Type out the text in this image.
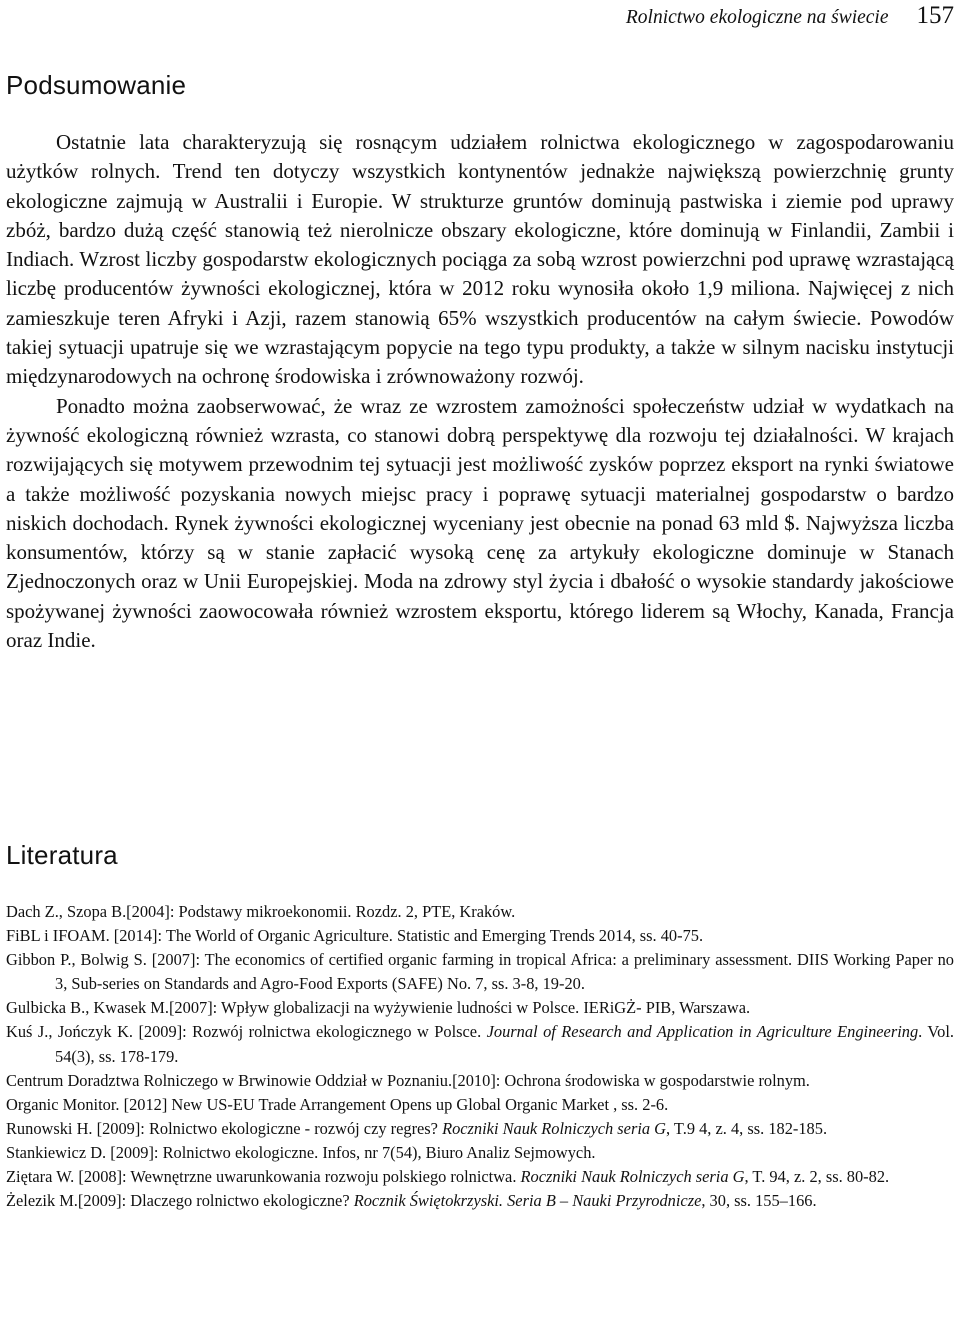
Rolnictwo ekologiczne na świecie 157
Podsumowanie

Ostatnie lata charakteryzują się rosnącym udziałem rolnictwa ekologicznego w zagospodarowaniu użytków rolnych. Trend ten dotyczy wszystkich kontynentów jednakże największą powierzchnię grunty ekologiczne zajmują w Australii i Europie. W strukturze gruntów dominują pastwiska i ziemie pod uprawy zbóż, bardzo dużą część stanowią też nierolnicze obszary ekologiczne, które dominują w Finlandii, Zambii i Indiach. Wzrost liczby gospodarstw ekologicznych pociąga za sobą wzrost powierzchni pod uprawę wzrastającą liczbę producentów żywności ekologicznej, która w 2012 roku wynosiła około 1,9 miliona. Najwięcej z nich zamieszkuje teren Afryki i Azji, razem stanowią 65% wszystkich producentów na całym świecie. Powodów takiej sytuacji upatruje się we wzrastającym popycie na tego typu produkty, a także w silnym nacisku instytucji międzynarodowych na ochronę środowiska i zrównoważony rozwój.

Ponadto można zaobserwować, że wraz ze wzrostem zamożności społeczeństw udział w wydatkach na żywność ekologiczną również wzrasta, co stanowi dobrą perspektywę dla rozwoju tej działalności. W krajach rozwijających się motywem przewodnim tej sytuacji jest możliwość zysków poprzez eksport na rynki światowe a także możliwość pozyskania nowych miejsc pracy i poprawę sytuacji materialnej gospodarstw o bardzo niskich dochodach. Rynek żywności ekologicznej wyceniany jest obecnie na ponad 63 mld $. Najwyższa liczba konsumentów, którzy są w stanie zapłacić wysoką cenę za artykuły ekologiczne dominuje w Stanach Zjednoczonych oraz w Unii Europejskiej. Moda na zdrowy styl życia i dbałość o wysokie standardy jakościowe spożywanej żywności zaowocowała również wzrostem eksportu, którego liderem są Włochy, Kanada, Francja oraz Indie.

Literatura
Dach Z., Szopa B.[2004]: Podstawy mikroekonomii. Rozdz. 2, PTE, Kraków.
FiBL i IFOAM. [2014]: The World of Organic Agriculture. Statistic and Emerging Trends 2014, ss. 40-75.
Gibbon P., Bolwig S. [2007]: The economics of certified organic farming in tropical Africa: a preliminary assessment. DIIS Working Paper no 3, Sub-series on Standards and Agro-Food Exports (SAFE) No. 7, ss. 3-8, 19-20.
Gulbicka B., Kwasek M.[2007]: Wpływ globalizacji na wyżywienie ludności w Polsce. IERiGŻ- PIB, Warszawa.
Kuś J., Jończyk K. [2009]: Rozwój rolnictwa ekologicznego w Polsce. Journal of Research and Application in Agriculture Engineering. Vol. 54(3), ss. 178-179.
Centrum Doradztwa Rolniczego w Brwinowie Oddział w Poznaniu.[2010]: Ochrona środowiska w gospodarstwie rolnym.
Organic Monitor. [2012] New US-EU Trade Arrangement Opens up Global Organic Market , ss. 2-6.
Runowski H. [2009]: Rolnictwo ekologiczne - rozwój czy regres? Roczniki Nauk Rolniczych seria G, T.9 4, z. 4, ss. 182-185.
Stankiewicz D. [2009]: Rolnictwo ekologiczne. Infos, nr 7(54), Biuro Analiz Sejmowych.
Ziętara W. [2008]: Wewnętrzne uwarunkowania rozwoju polskiego rolnictwa. Roczniki Nauk Rolniczych seria G, T. 94, z. 2, ss. 80-82.
Żelezik M.[2009]: Dlaczego rolnictwo ekologiczne? Rocznik Świętokrzyski. Seria B – Nauki Przyrodnicze, 30, ss. 155–166.
